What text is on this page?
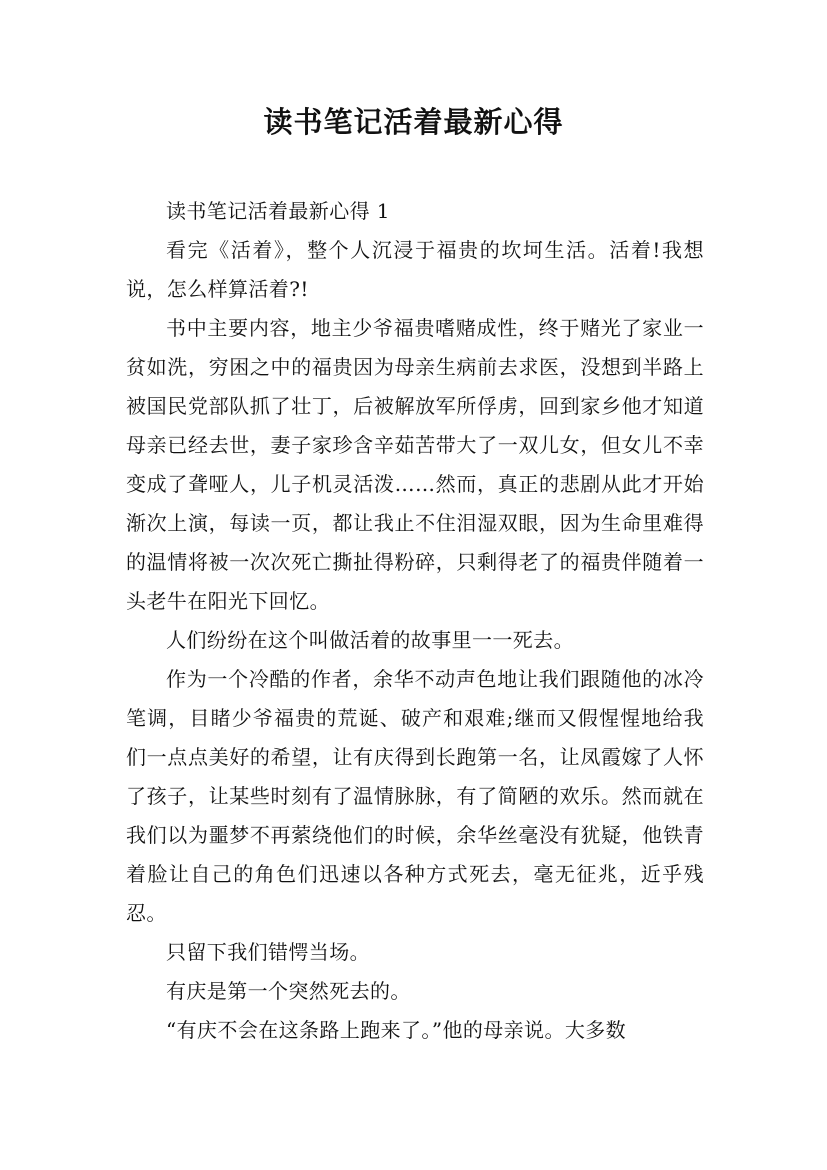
读书笔记活着最新心得

读书笔记活着最新心得 1

看完《活着》，整个人沉浸于福贵的坎坷生活。活着!我想说，怎么样算活着?!

书中主要内容，地主少爷福贵嗜赌成性，终于赌光了家业一贫如洗，穷困之中的福贵因为母亲生病前去求医，没想到半路上被国民党部队抓了壮丁，后被解放军所俘虏，回到家乡他才知道母亲已经去世，妻子家珍含辛茹苦带大了一双儿女，但女儿不幸变成了聋哑人，儿子机灵活泼……然而，真正的悲剧从此才开始渐次上演，每读一页，都让我止不住泪湿双眼，因为生命里难得的温情将被一次次死亡撕扯得粉碎，只剩得老了的福贵伴随着一头老牛在阳光下回忆。

人们纷纷在这个叫做活着的故事里一一死去。

作为一个冷酷的作者，余华不动声色地让我们跟随他的冰冷笔调，目睹少爷福贵的荒诞、破产和艰难;继而又假惺惺地给我们一点点美好的希望，让有庆得到长跑第一名，让凤霞嫁了人怀了孩子，让某些时刻有了温情脉脉，有了简陋的欢乐。然而就在我们以为噩梦不再萦绕他们的时候，余华丝毫没有犹疑，他铁青着脸让自己的角色们迅速以各种方式死去，毫无征兆，近乎残忍。

只留下我们错愕当场。

有庆是第一个突然死去的。

“有庆不会在这条路上跑来了。”他的母亲说。大多数
